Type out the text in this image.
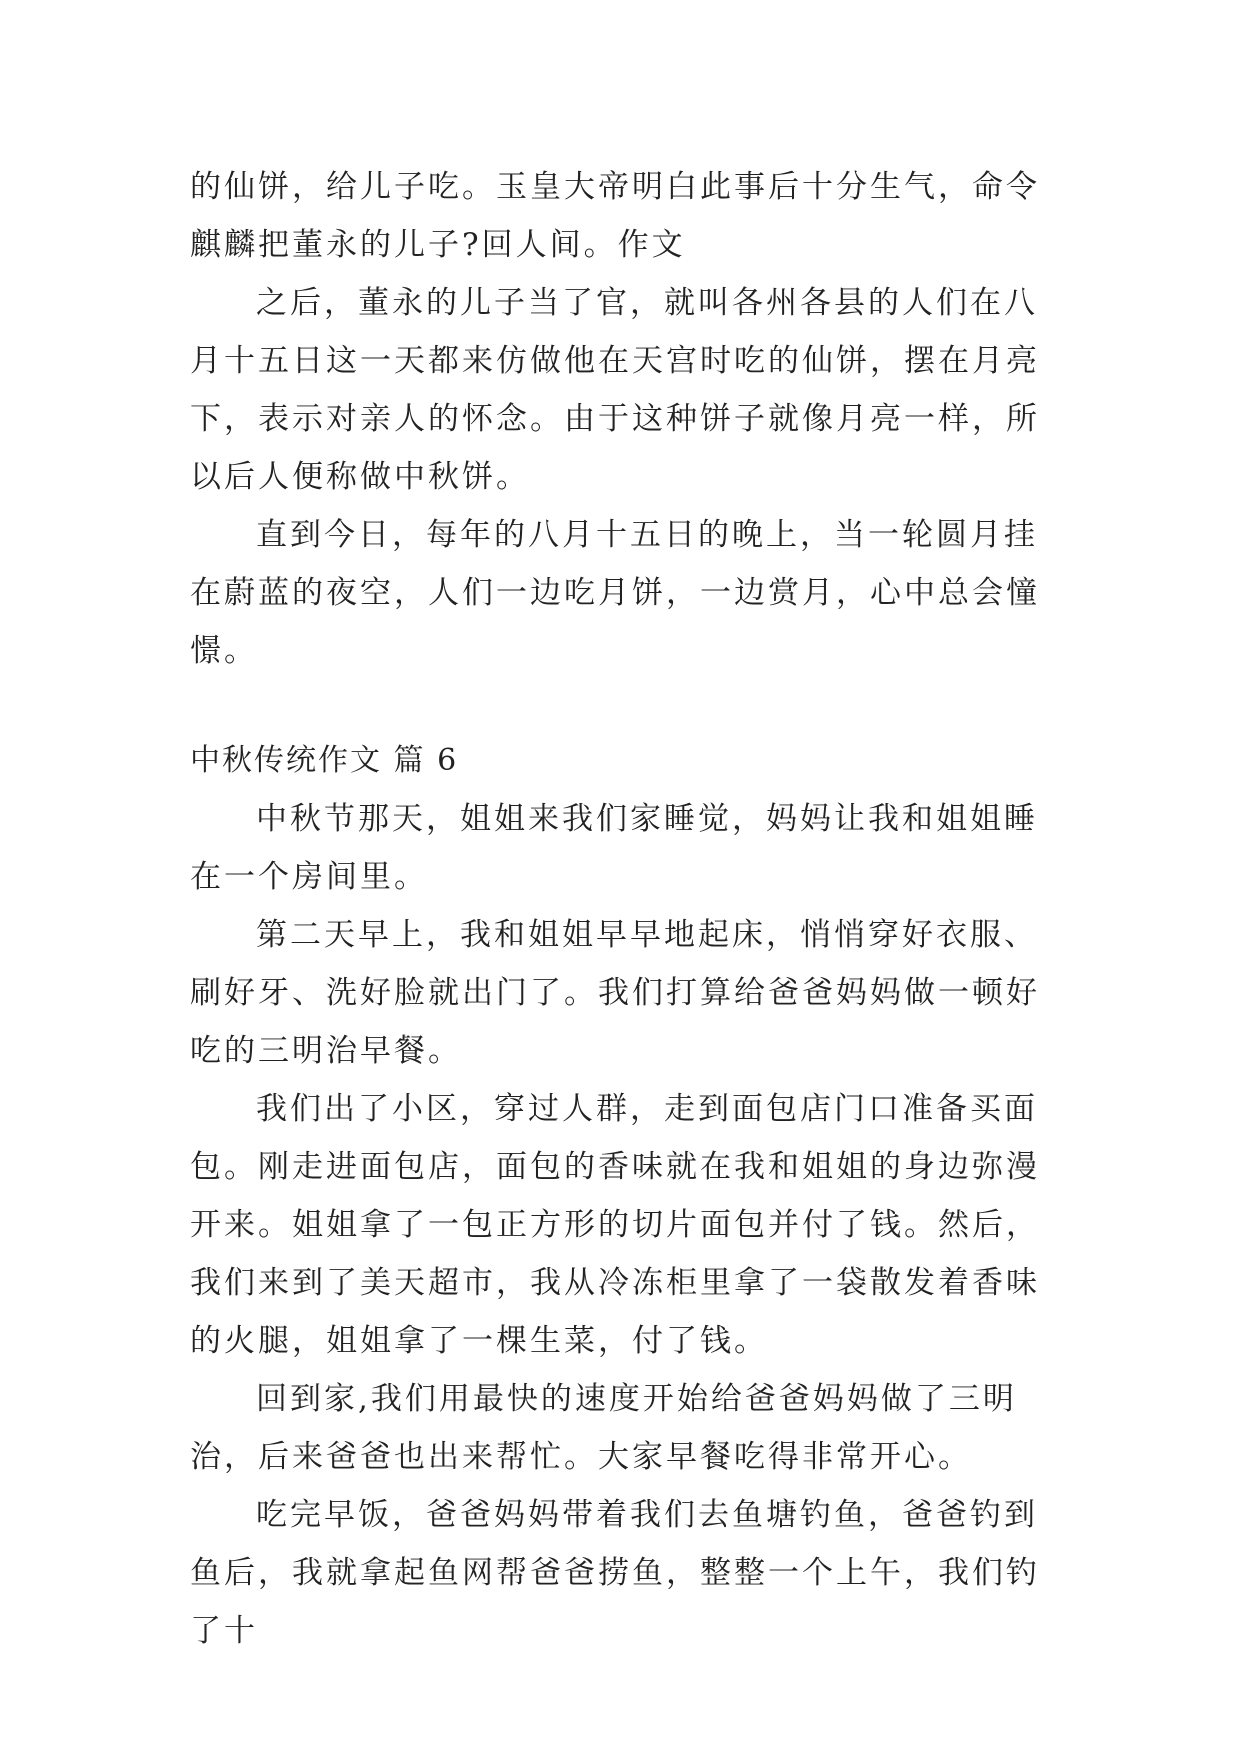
的仙饼，给儿子吃。玉皇大帝明白此事后十分生气，命令麒麟把董永的儿子?回人间。作文

之后，董永的儿子当了官，就叫各州各县的人们在八月十五日这一天都来仿做他在天宫时吃的仙饼，摆在月亮下，表示对亲人的怀念。由于这种饼子就像月亮一样，所以后人便称做中秋饼。

直到今日，每年的八月十五日的晚上，当一轮圆月挂在蔚蓝的夜空，人们一边吃月饼，一边赏月，心中总会憧憬。

中秋传统作文 篇 6

中秋节那天，姐姐来我们家睡觉，妈妈让我和姐姐睡在一个房间里。

第二天早上，我和姐姐早早地起床，悄悄穿好衣服、刷好牙、洗好脸就出门了。我们打算给爸爸妈妈做一顿好吃的三明治早餐。

我们出了小区，穿过人群，走到面包店门口准备买面包。刚走进面包店，面包的香味就在我和姐姐的身边弥漫开来。姐姐拿了一包正方形的切片面包并付了钱。然后，我们来到了美天超市，我从冷冻柜里拿了一袋散发着香味的火腿，姐姐拿了一棵生菜，付了钱。

回到家,我们用最快的速度开始给爸爸妈妈做了三明治，后来爸爸也出来帮忙。大家早餐吃得非常开心。

吃完早饭，爸爸妈妈带着我们去鱼塘钓鱼，爸爸钓到鱼后，我就拿起鱼网帮爸爸捞鱼，整整一个上午，我们钓了十
